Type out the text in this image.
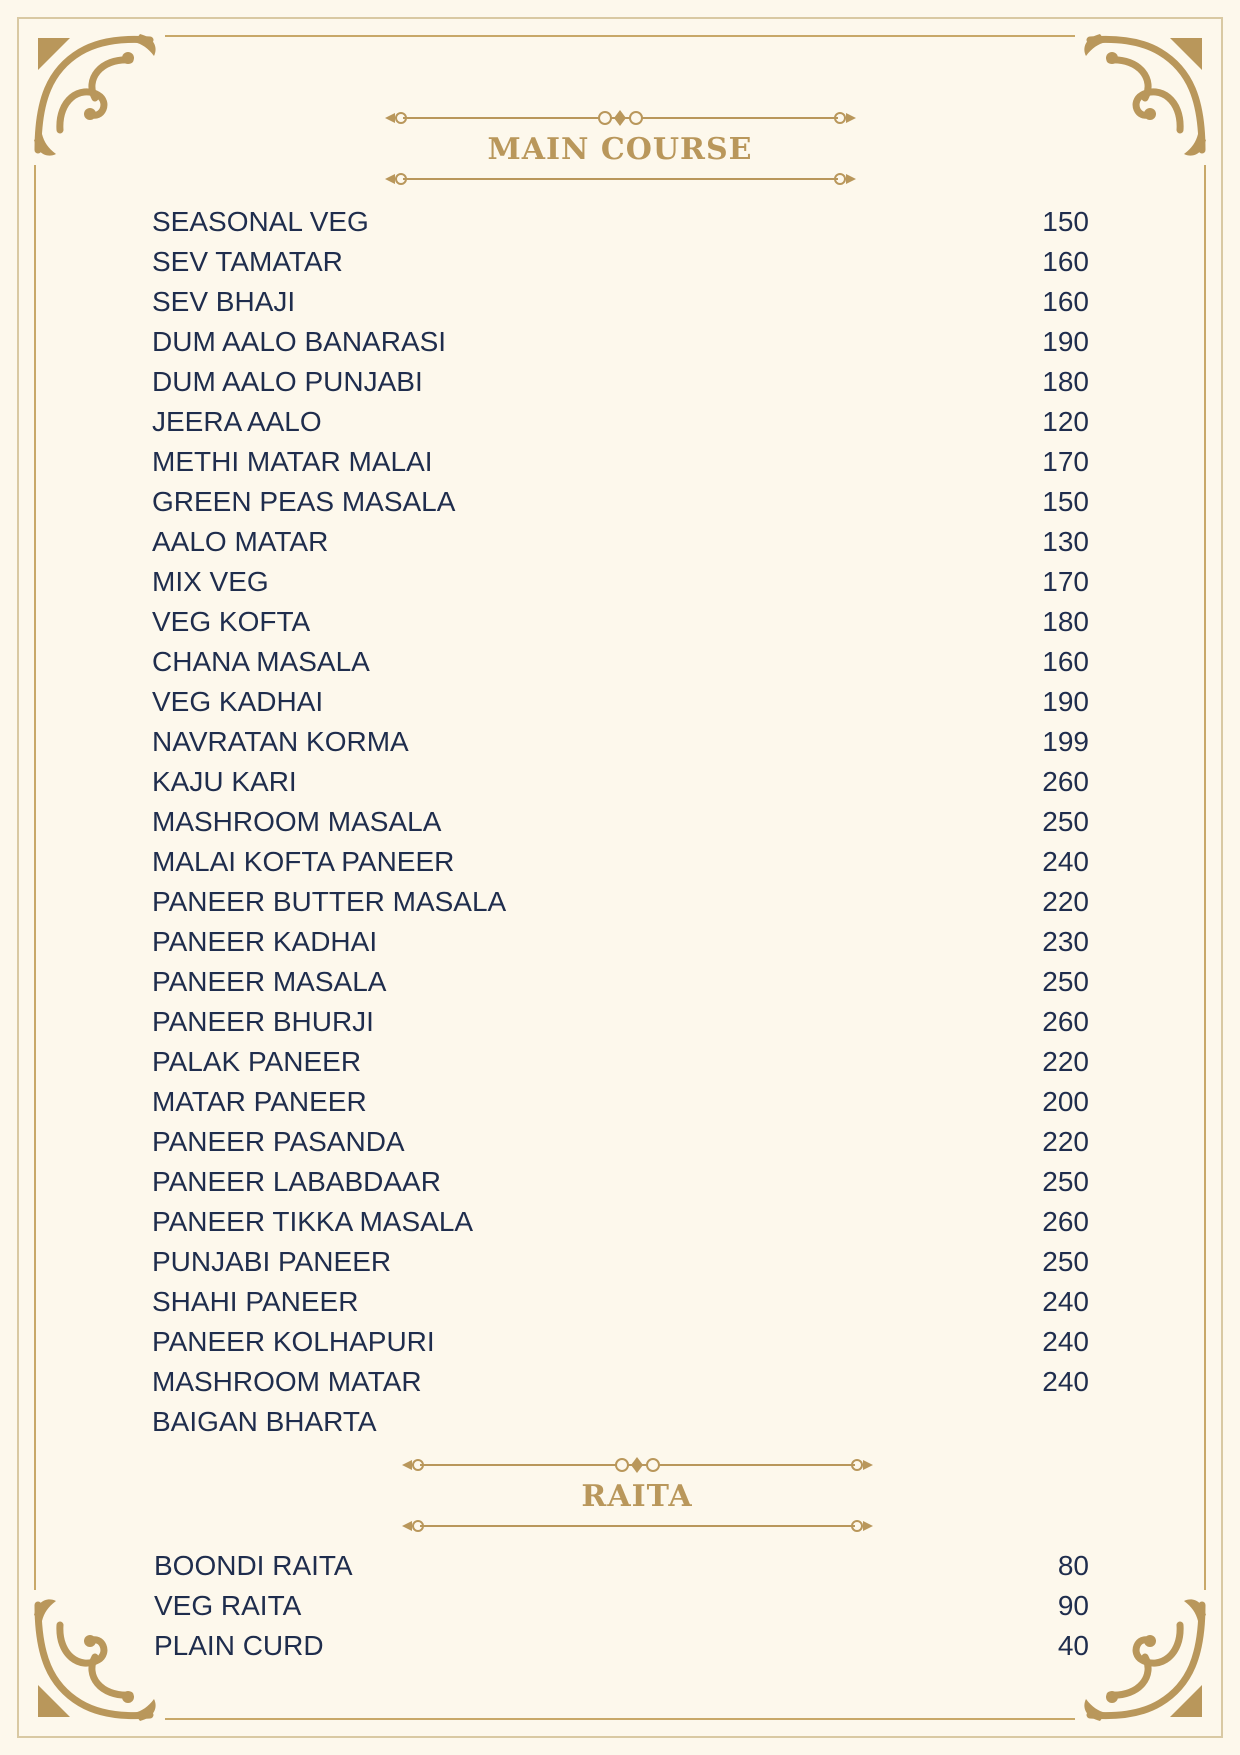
MAIN COURSE
SEASONAL VEG	150
SEV TAMATAR	160
SEV BHAJI	160
DUM AALO BANARASI	190
DUM AALO PUNJABI	180
JEERA AALO	120
METHI MATAR MALAI	170
GREEN PEAS MASALA	150
AALO MATAR	130
MIX VEG	170
VEG KOFTA	180
CHANA MASALA	160
VEG KADHAI	190
NAVRATAN KORMA	199
KAJU KARI	260
MASHROOM MASALA	250
MALAI KOFTA PANEER	240
PANEER BUTTER MASALA	220
PANEER KADHAI	230
PANEER MASALA	250
PANEER BHURJI	260
PALAK PANEER	220
MATAR PANEER	200
PANEER PASANDA	220
PANEER LABABDAAR	250
PANEER TIKKA MASALA	260
PUNJABI PANEER	250
SHAHI PANEER	240
PANEER KOLHAPURI	240
MASHROOM MATAR	240
BAIGAN BHARTA
RAITA
BOONDI RAITA	80
VEG RAITA	90
PLAIN CURD	40
